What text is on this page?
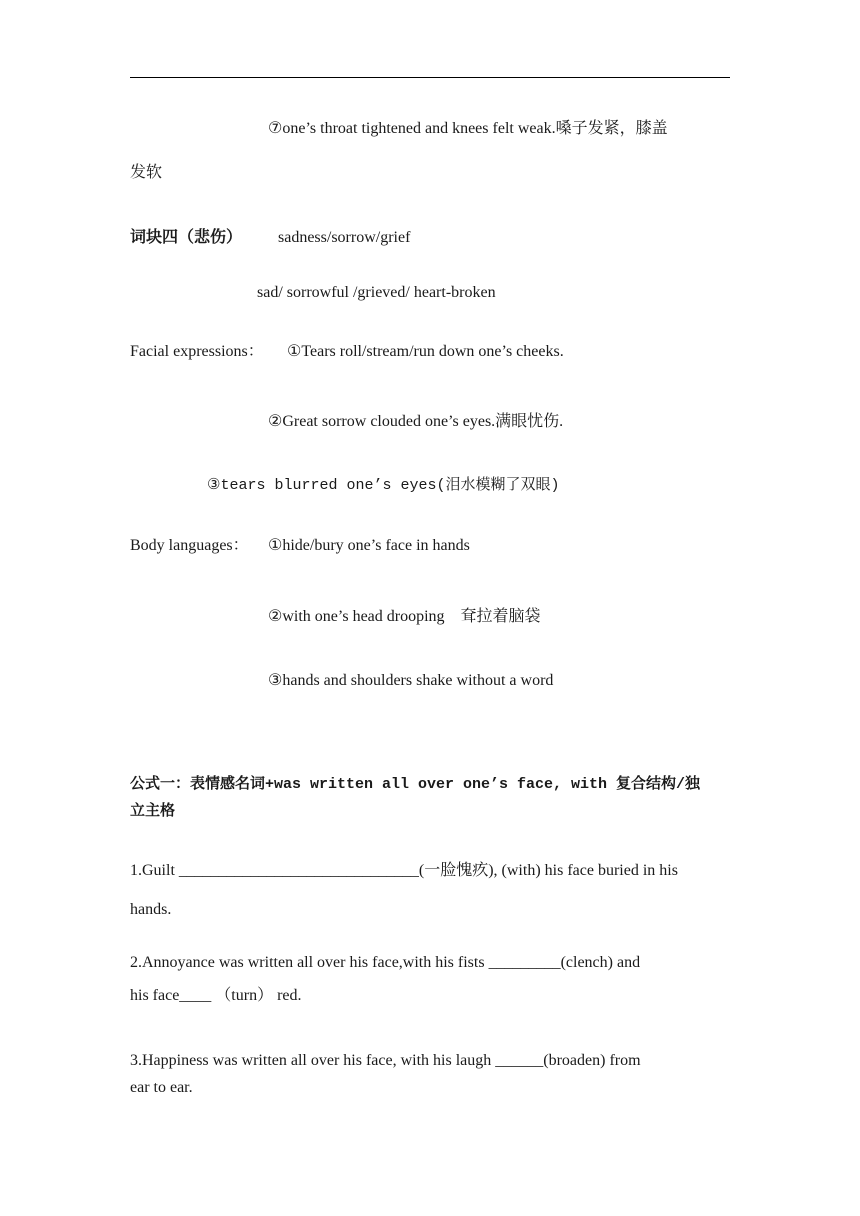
⑦one’s throat tightened and knees felt weak.嗓子发紧，膝盖
发软
词块四（悲伤） sadness/sorrow/grief
sad/ sorrowful /grieved/ heart-broken
Facial expressions： ①Tears roll/stream/run down one’s cheeks.
②Great sorrow clouded one’s eyes.满眼忧伤.
③tears blurred one’s eyes(泪水模糊了双眼)
Body languages： ①hide/bury one’s face in hands
②with one’s head drooping　耷拉着脑袋
③hands and shoulders shake without a word
公式一：表情感名词+was written all over one’s face, with 复合结构/独
立主格
1.Guilt ______________________________(一脸愧疚), (with) his face buried in his
hands.
2.Annoyance was written all over his face,with his fists _________(clench) and
his face____ （turn） red.
3.Happiness was written all over his face, with his laugh ______(broaden) from
ear to ear.
